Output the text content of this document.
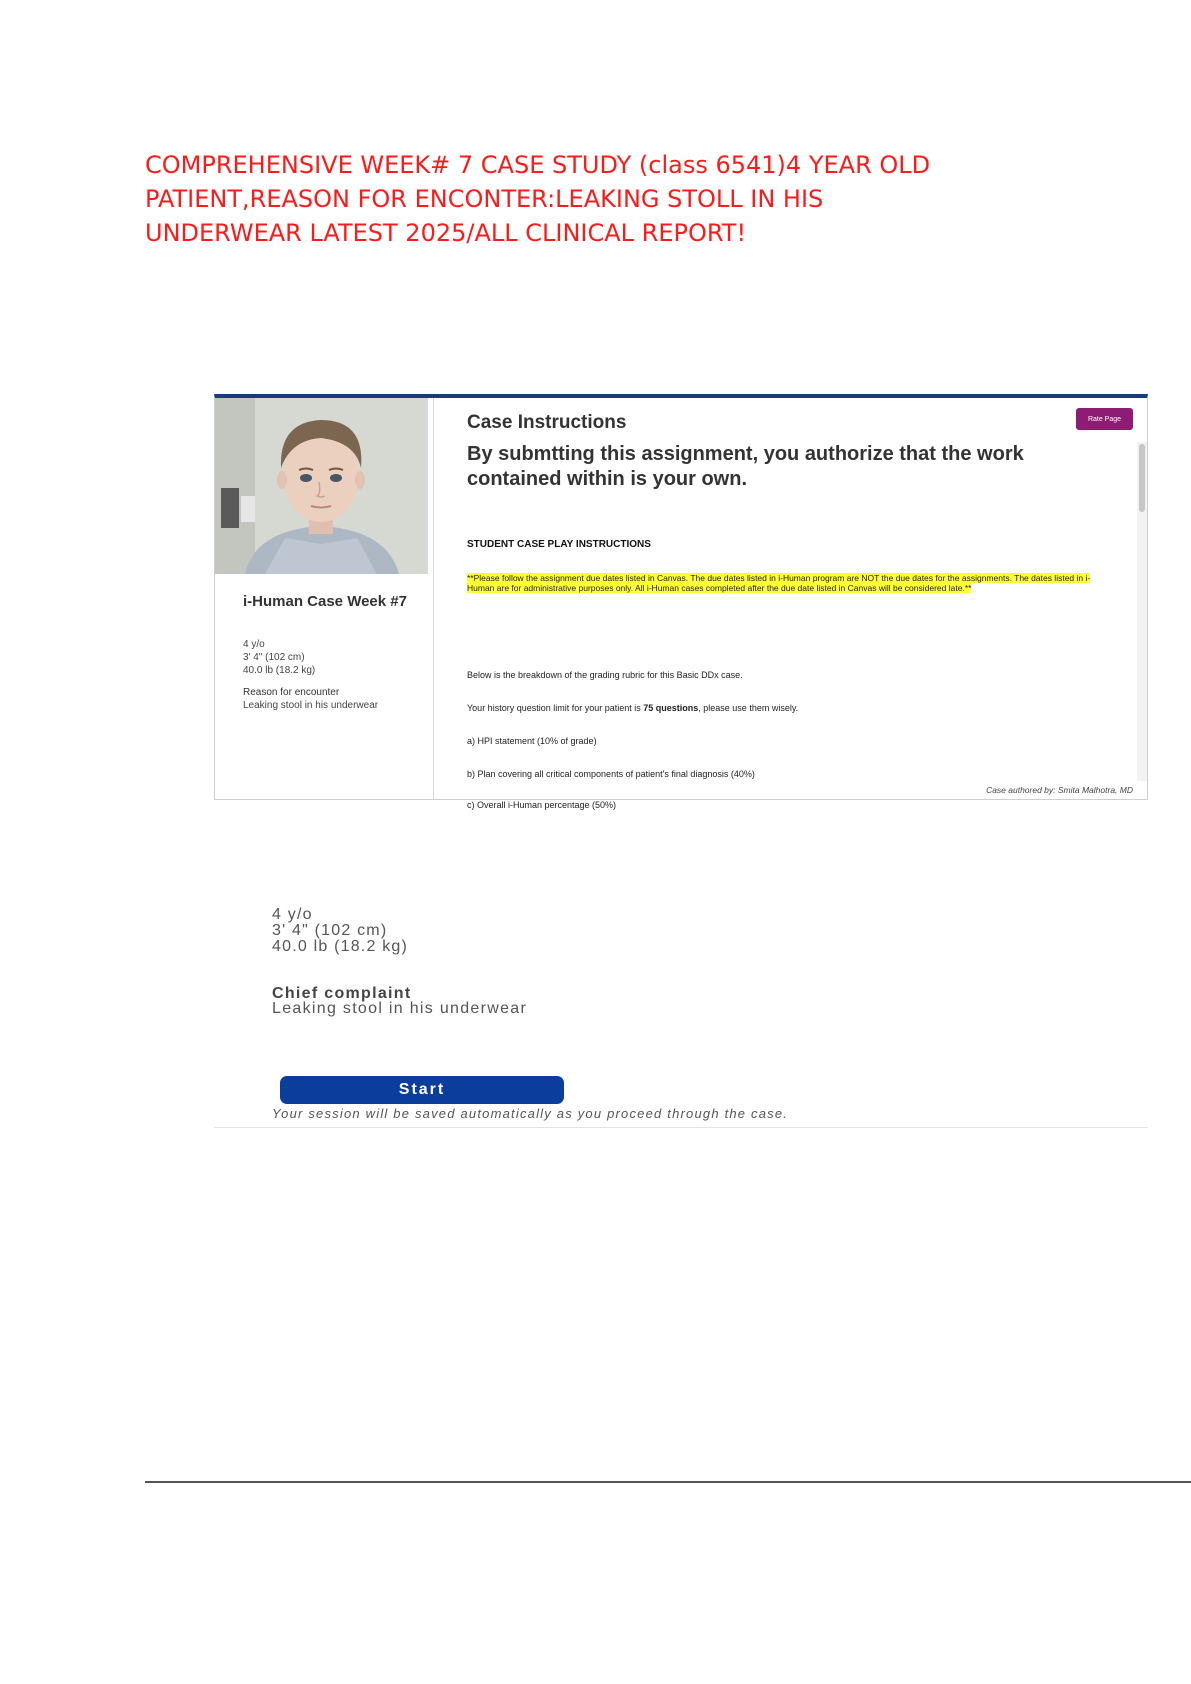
COMPREHENSIVE WEEK# 7 CASE STUDY (class 6541)4 YEAR OLD
PATIENT,REASON FOR ENCONTER:LEAKING STOLL IN HIS
UNDERWEAR LATEST 2025/ALL CLINICAL REPORT!
i-Human Case Week #7
4 y/o
3' 4" (102 cm)
40.0 lb (18.2 kg)
Reason for encounter
Leaking stool in his underwear
Case Instructions	Rate Page
By submtting this assignment, you authorize that the work contained within is your own.
STUDENT CASE PLAY INSTRUCTIONS
**Please follow the assignment due dates listed in Canvas. The due dates listed in i-Human program are NOT the due dates for the assignments. The dates listed in i-Human are for administrative purposes only. All i-Human cases completed after the due date listed in Canvas will be considered late.**
Below is the breakdown of the grading rubric for this Basic DDx case.
Your history question limit for your patient is 75 questions, please use them wisely.
a) HPI statement (10% of grade)
b) Plan covering all critical components of patient's final diagnosis (40%)
c) Overall i-Human percentage (50%)
Case authored by: Smita Malhotra, MD
4 y/o
3' 4" (102 cm)
40.0 lb (18.2 kg)
Chief complaint
Leaking stool in his underwear
Start
Your session will be saved automatically as you proceed through the case.
